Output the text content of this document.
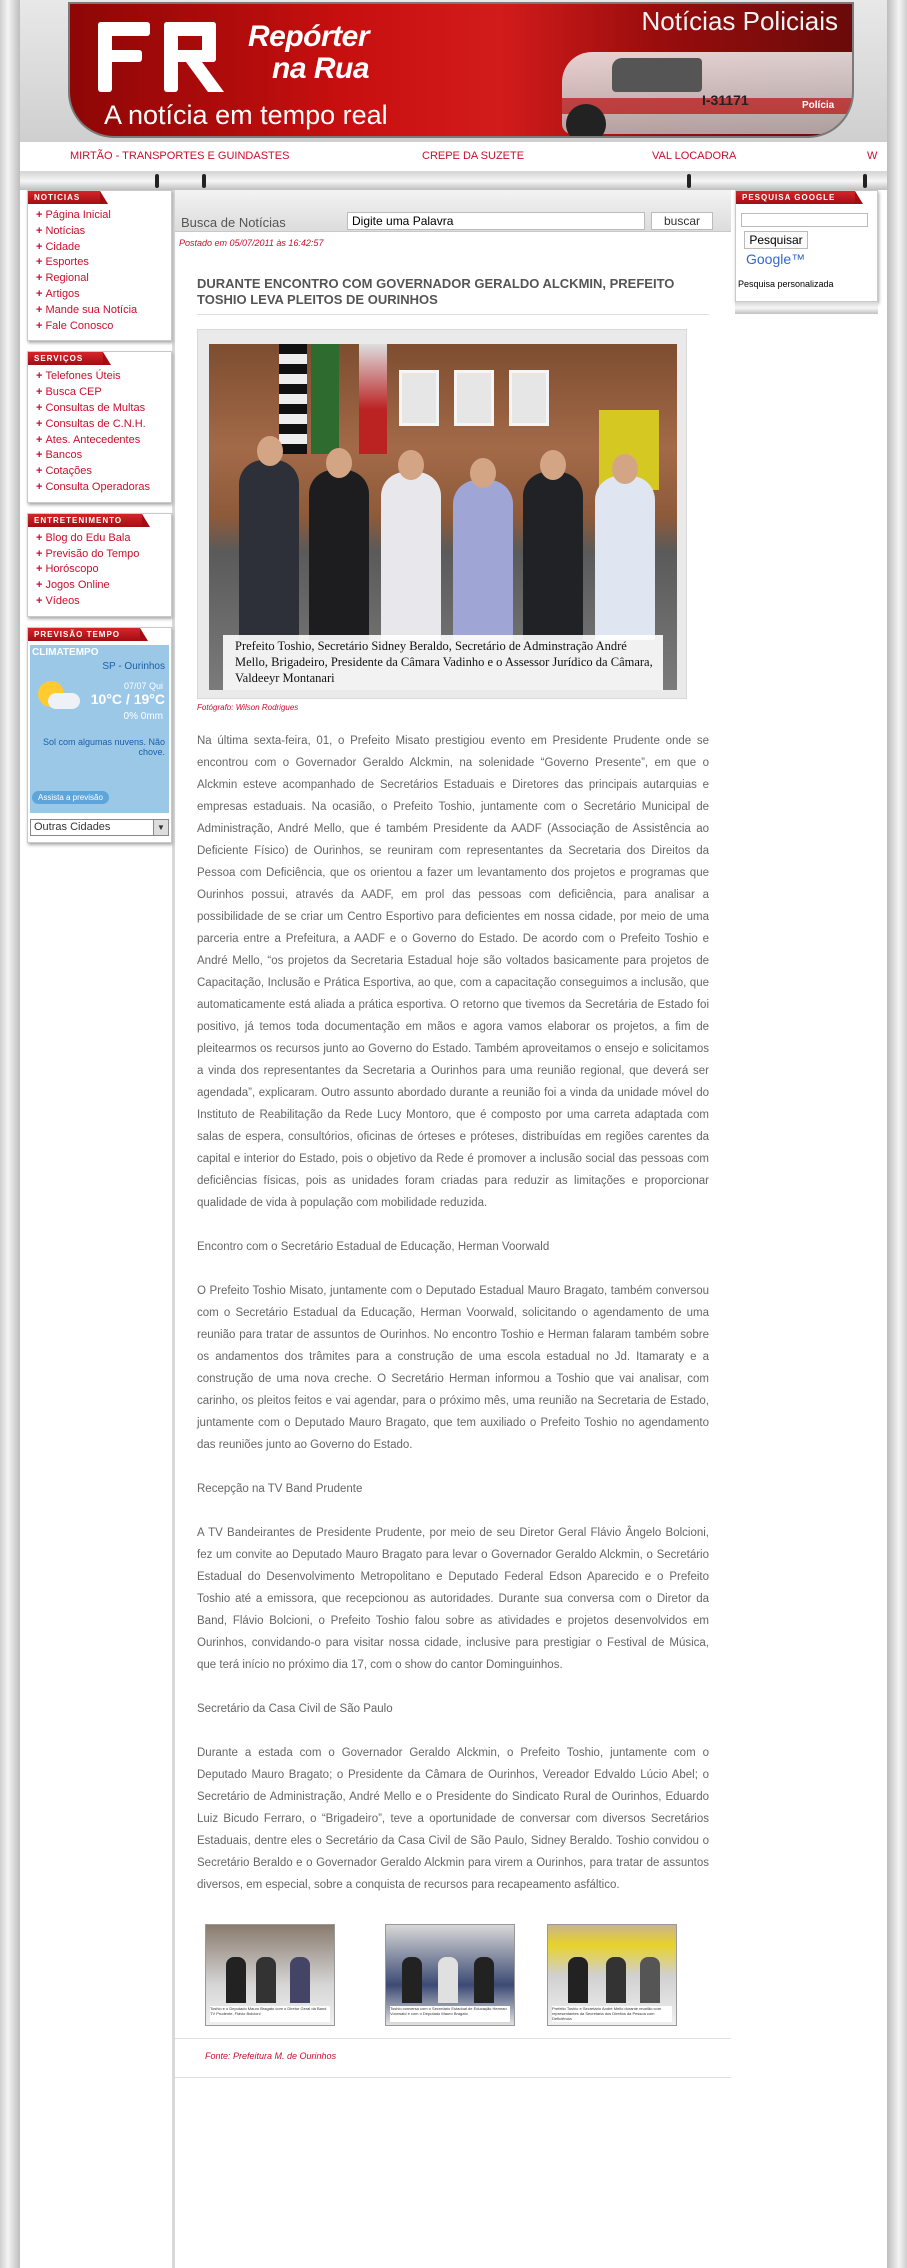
Repórter
na Rua
A notícia em tempo real	I-31171	Polícia
Notícias Policiais
MIRTÃO - TRANSPORTES E GUINDASTES	CREPE DA SUZETE	VAL LOCADORA	W
NOTICIAS
+ Página Inicial
+ Notícias
+ Cidade
+ Esportes
+ Regional
+ Artigos
+ Mande sua Notícia
+ Fale Conosco
SERVIÇOS
+ Telefones Úteis
+ Busca CEP
+ Consultas de Multas
+ Consultas de C.N.H.
+ Ates. Antecedentes
+ Bancos
+ Cotações
+ Consulta Operadoras
ENTRETENIMENTO
+ Blog do Edu Bala
+ Previsão do Tempo
+ Horóscopo
+ Jogos Online
+ Vídeos
PREVISÃO TEMPO
CLIMATEMPO
SP - Ourinhos
07/07 Qui
10°C / 19°C
0% 0mm
Sol com algumas nuvens. Não chove.
Assista a previsão
Outras Cidades	▼
Busca de Notícias
Digite uma Palavra	buscar
Postado em 05/07/2011 às 16:42:57
DURANTE ENCONTRO COM GOVERNADOR GERALDO ALCKMIN, PREFEITO TOSHIO LEVA PLEITOS DE OURINHOS
Prefeito Toshio, Secretário Sidney Beraldo, Secretário de Adminstração André Mello, Brigadeiro, Presidente da Câmara Vadinho e o Assessor Jurídico da Câmara, Valdeeyr Montanari
Fotógrafo: Wilson Rodrigues

Na última sexta-feira, 01, o Prefeito Misato prestigiou evento em Presidente Prudente onde se encontrou com o Governador Geraldo Alckmin, na solenidade “Governo Presente”, em que o Alckmin esteve acompanhado de Secretários Estaduais e Diretores das principais autarquias e empresas estaduais. Na ocasião, o Prefeito Toshio, juntamente com o Secretário Municipal de Administração, André Mello, que é também Presidente da AADF (Associação de Assistência ao Deficiente Físico) de Ourinhos, se reuniram com representantes da Secretaria dos Direitos da Pessoa com Deficiência, que os orientou a fazer um levantamento dos projetos e programas que Ourinhos possui, através da AADF, em prol das pessoas com deficiência, para analisar a possibilidade de se criar um Centro Esportivo para deficientes em nossa cidade, por meio de uma parceria entre a Prefeitura, a AADF e o Governo do Estado. De acordo com o Prefeito Toshio e André Mello, “os projetos da Secretaria Estadual hoje são voltados basicamente para projetos de Capacitação, Inclusão e Prática Esportiva, ao que, com a capacitação conseguimos a inclusão, que automaticamente está aliada a prática esportiva. O retorno que tivemos da Secretária de Estado foi positivo, já temos toda documentação em mãos e agora vamos elaborar os projetos, a fim de pleitearmos os recursos junto ao Governo do Estado. Também aproveitamos o ensejo e solicitamos a vinda dos representantes da Secretaria a Ourinhos para uma reunião regional, que deverá ser agendada”, explicaram. Outro assunto abordado durante a reunião foi a vinda da unidade móvel do Instituto de Reabilitação da Rede Lucy Montoro, que é composto por uma carreta adaptada com salas de espera, consultórios, oficinas de órteses e próteses, distribuídas em regiões carentes da capital e interior do Estado, pois o objetivo da Rede é promover a inclusão social das pessoas com deficiências físicas, pois as unidades foram criadas para reduzir as limitações e proporcionar qualidade de vida à população com mobilidade reduzida.

Encontro com o Secretário Estadual de Educação, Herman Voorwald

O Prefeito Toshio Misato, juntamente com o Deputado Estadual Mauro Bragato, também conversou com o Secretário Estadual da Educação, Herman Voorwald, solicitando o agendamento de uma reunião para tratar de assuntos de Ourinhos. No encontro Toshio e Herman falaram também sobre os andamentos dos trâmites para a construção de uma escola estadual no Jd. Itamaraty e a construção de uma nova creche. O Secretário Herman informou a Toshio que vai analisar, com carinho, os pleitos feitos e vai agendar, para o próximo mês, uma reunião na Secretaria de Estado, juntamente com o Deputado Mauro Bragato, que tem auxiliado o Prefeito Toshio no agendamento das reuniões junto ao Governo do Estado.

Recepção na TV Band Prudente

A TV Bandeirantes de Presidente Prudente, por meio de seu Diretor Geral Flávio Ângelo Bolcioni, fez um convite ao Deputado Mauro Bragato para levar o Governador Geraldo Alckmin, o Secretário Estadual do Desenvolvimento Metropolitano e Deputado Federal Edson Aparecido e o Prefeito Toshio até a emissora, que recepcionou as autoridades. Durante sua conversa com o Diretor da Band, Flávio Bolcioni, o Prefeito Toshio falou sobre as atividades e projetos desenvolvidos em Ourinhos, convidando-o para visitar nossa cidade, inclusive para prestigiar o Festival de Música, que terá início no próximo dia 17, com o show do cantor Dominguinhos.

Secretário da Casa Civil de São Paulo

Durante a estada com o Governador Geraldo Alckmin, o Prefeito Toshio, juntamente com o Deputado Mauro Bragato; o Presidente da Câmara de Ourinhos, Vereador Edvaldo Lúcio Abel; o Secretário de Administração, André Mello e o Presidente do Sindicato Rural de Ourinhos, Eduardo Luiz Bicudo Ferraro, o “Brigadeiro”, teve a oportunidade de conversar com diversos Secretários Estaduais, dentre eles o Secretário da Casa Civil de São Paulo, Sidney Beraldo. Toshio convidou o Secretário Beraldo e o Governador Geraldo Alckmin para virem a Ourinhos, para tratar de assuntos diversos, em especial, sobre a conquista de recursos para recapeamento asfáltico.

Toshio e o Deputado Mauro Bragato com o Diretor Geral da Band TV Prudente, Flávio Bolcioni
Toshio conversa com o Secretário Estadual de Educação Herman Voorwald e com o Deputado Mauro Bragato
Prefeito Toshio e Secretário André Mello durante reunião com representantes da Secretaria dos Direitos da Pessoa com Deficiência
Fonte: Prefeitura M. de Ourinhos
PESQUISA GOOGLE
Pesquisar
Google™
Pesquisa personalizada
